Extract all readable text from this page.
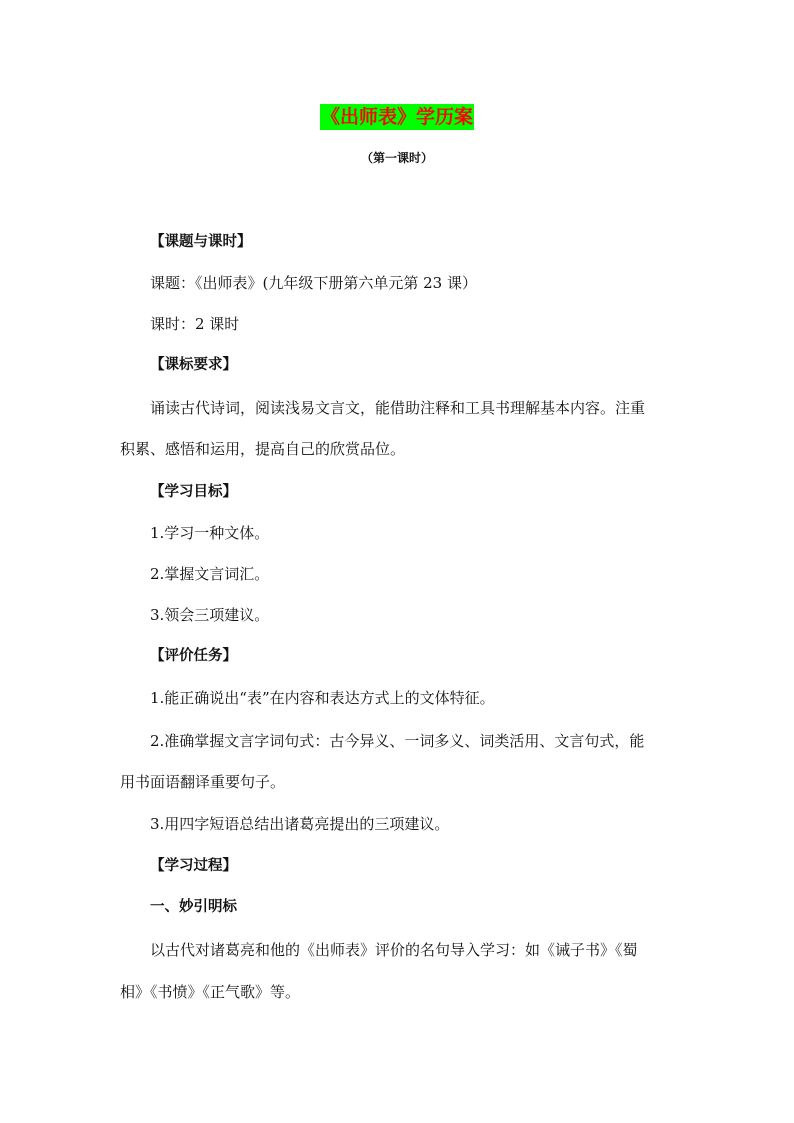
《出师表》学历案
（第一课时）
【课题与课时】
课题：《出师表》(九年级下册第六单元第 23 课）
课时：2 课时
【课标要求】
诵读古代诗词，阅读浅易文言文，能借助注释和工具书理解基本内容。注重
积累、感悟和运用，提高自己的欣赏品位。
【学习目标】
1.学习一种文体。
2.掌握文言词汇。
3.领会三项建议。
【评价任务】
1.能正确说出“表”在内容和表达方式上的文体特征。
2.准确掌握文言字词句式：古今异义、一词多义、词类活用、文言句式，能
用书面语翻译重要句子。
3.用四字短语总结出诸葛亮提出的三项建议。
【学习过程】
一、妙引明标
以古代对诸葛亮和他的《出师表》评价的名句导入学习：如《诫子书》《蜀
相》《书愤》《正气歌》等。
